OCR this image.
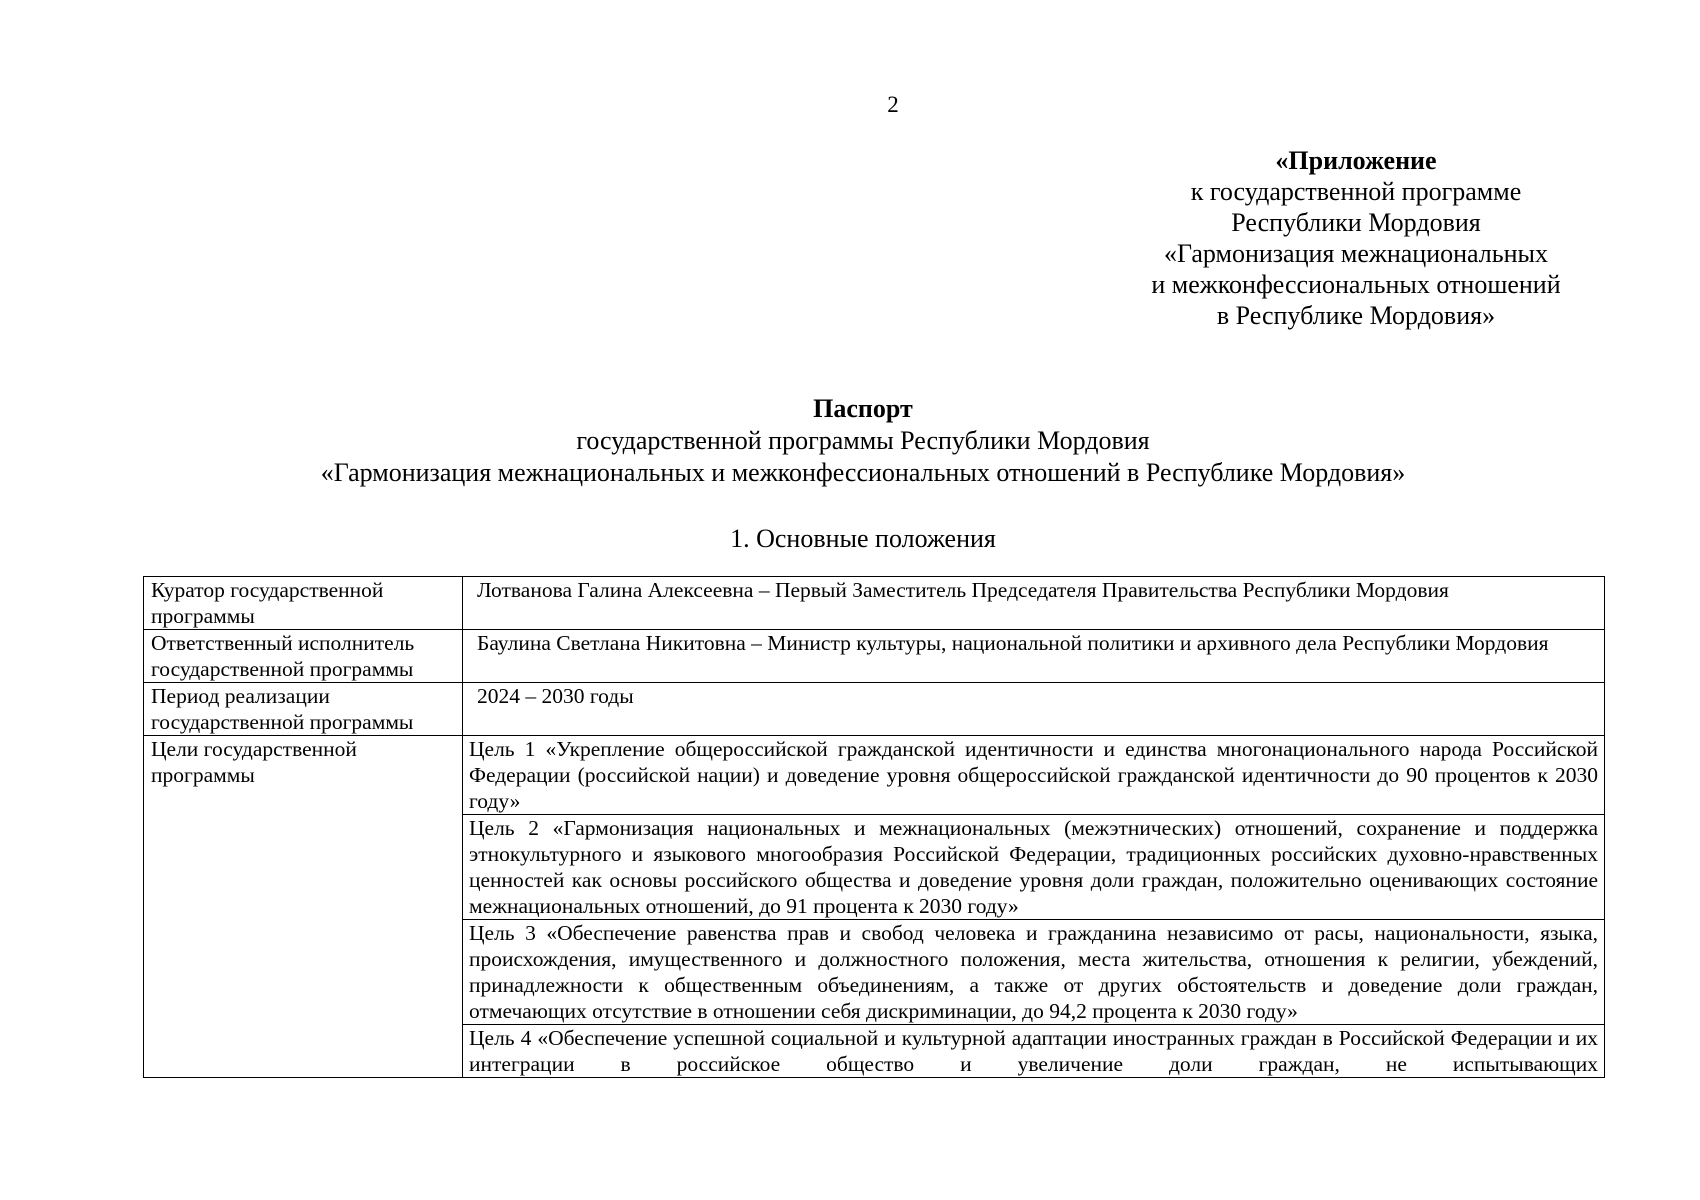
2
«Приложение
к государственной программе
Республики Мордовия
«Гармонизация межнациональных
и межконфессиональных отношений
в Республике Мордовия»
Паспорт
государственной программы Республики Мордовия
«Гармонизация межнациональных и межконфессиональных отношений в Республике Мордовия»
1. Основные положения
Куратор государственной программы	Лотванова Галина Алексеевна – Первый Заместитель Председателя Правительства Республики Мордовия
Ответственный исполнитель государственной программы	Баулина Светлана Никитовна – Министр культуры, национальной политики и архивного дела Республики Мордовия
Период реализации государственной программы	2024 – 2030 годы
Цели государственной программы	Цель 1 «Укрепление общероссийской гражданской идентичности и единства многонационального народа Российской Федерации (российской нации) и доведение уровня общероссийской гражданской идентичности до 90 процентов к 2030 году»
Цель 2 «Гармонизация национальных и межнациональных (межэтнических) отношений, сохранение и поддержка этнокультурного и языкового многообразия Российской Федерации, традиционных российских духовно-нравственных ценностей как основы российского общества и доведение уровня доли граждан, положительно оценивающих состояние межнациональных отношений, до 91 процента к 2030 году»
Цель 3 «Обеспечение равенства прав и свобод человека и гражданина независимо от расы, национальности, языка, происхождения, имущественного и должностного положения, места жительства, отношения к религии, убеждений, принадлежности к общественным объединениям, а также от других обстоятельств и доведение доли граждан, отмечающих отсутствие в отношении себя дискриминации, до 94,2 процента к 2030 году»
Цель 4 «Обеспечение успешной социальной и культурной адаптации иностранных граждан в Российской Федерации и их интеграции в российское общество и увеличение доли граждан, не испытывающих
